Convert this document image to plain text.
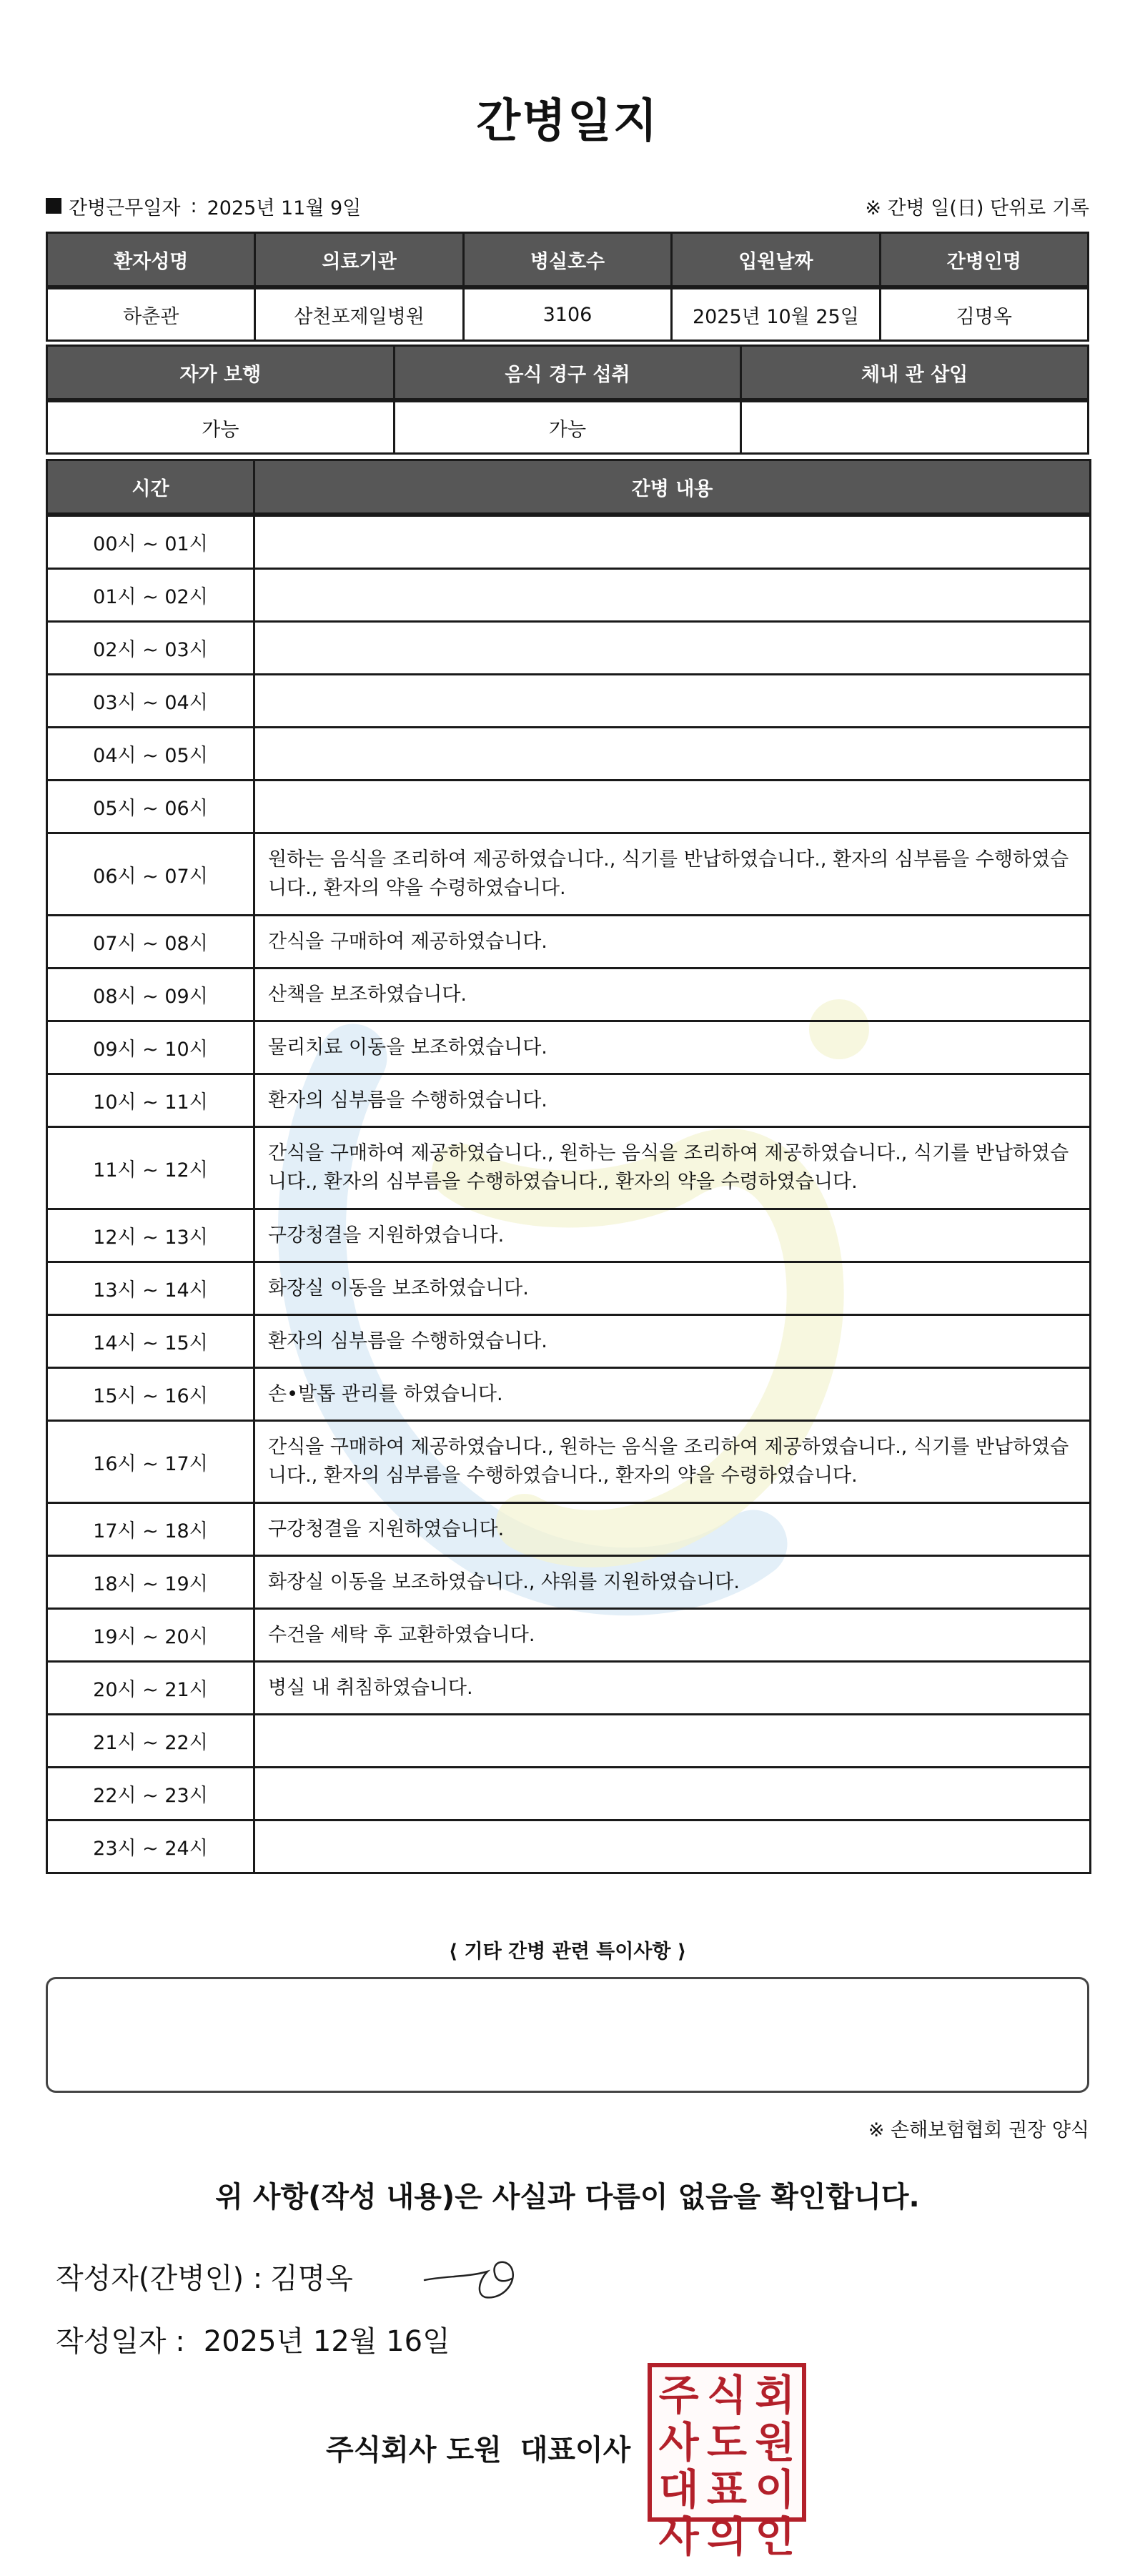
간병일지
간병근무일자 : 2025년 11월 9일	※ 간병 일(日) 단위로 기록
환자성명	의료기관	병실호수	입원날짜	간병인명
하춘관	삼천포제일병원	3106	2025년 10월 25일	김명옥
자가 보행	음식 경구 섭취	체내 관 삽입
가능	가능	
시간	간병 내용
00시 ~ 01시	
01시 ~ 02시	
02시 ~ 03시	
03시 ~ 04시	
04시 ~ 05시	
05시 ~ 06시	
06시 ~ 07시	원하는 음식을 조리하여 제공하였습니다., 식기를 반납하였습니다., 환자의 심부름을 수행하였습니다., 환자의 약을 수령하였습니다.
07시 ~ 08시	간식을 구매하여 제공하였습니다.
08시 ~ 09시	산책을 보조하였습니다.
09시 ~ 10시	물리치료 이동을 보조하였습니다.
10시 ~ 11시	환자의 심부름을 수행하였습니다.
11시 ~ 12시	간식을 구매하여 제공하였습니다., 원하는 음식을 조리하여 제공하였습니다., 식기를 반납하였습니다., 환자의 심부름을 수행하였습니다., 환자의 약을 수령하였습니다.
12시 ~ 13시	구강청결을 지원하였습니다.
13시 ~ 14시	화장실 이동을 보조하였습니다.
14시 ~ 15시	환자의 심부름을 수행하였습니다.
15시 ~ 16시	손•발톱 관리를 하였습니다.
16시 ~ 17시	간식을 구매하여 제공하였습니다., 원하는 음식을 조리하여 제공하였습니다., 식기를 반납하였습니다., 환자의 심부름을 수행하였습니다., 환자의 약을 수령하였습니다.
17시 ~ 18시	구강청결을 지원하였습니다.
18시 ~ 19시	화장실 이동을 보조하였습니다., 샤워를 지원하였습니다.
19시 ~ 20시	수건을 세탁 후 교환하였습니다.
20시 ~ 21시	병실 내 취침하였습니다.
21시 ~ 22시	
22시 ~ 23시	
23시 ~ 24시	
⟨ 기타 간병 관련 특이사항 ⟩
※ 손해보험협회 권장 양식
위 사항(작성 내용)은 사실과 다름이 없음을 확인합니다.
작성자(간병인) : 김명옥
작성일자 : 2025년 12월 16일
주식회사 도원 대표이사
주 식 회
사 도 원
대 표 이
사 의 인
